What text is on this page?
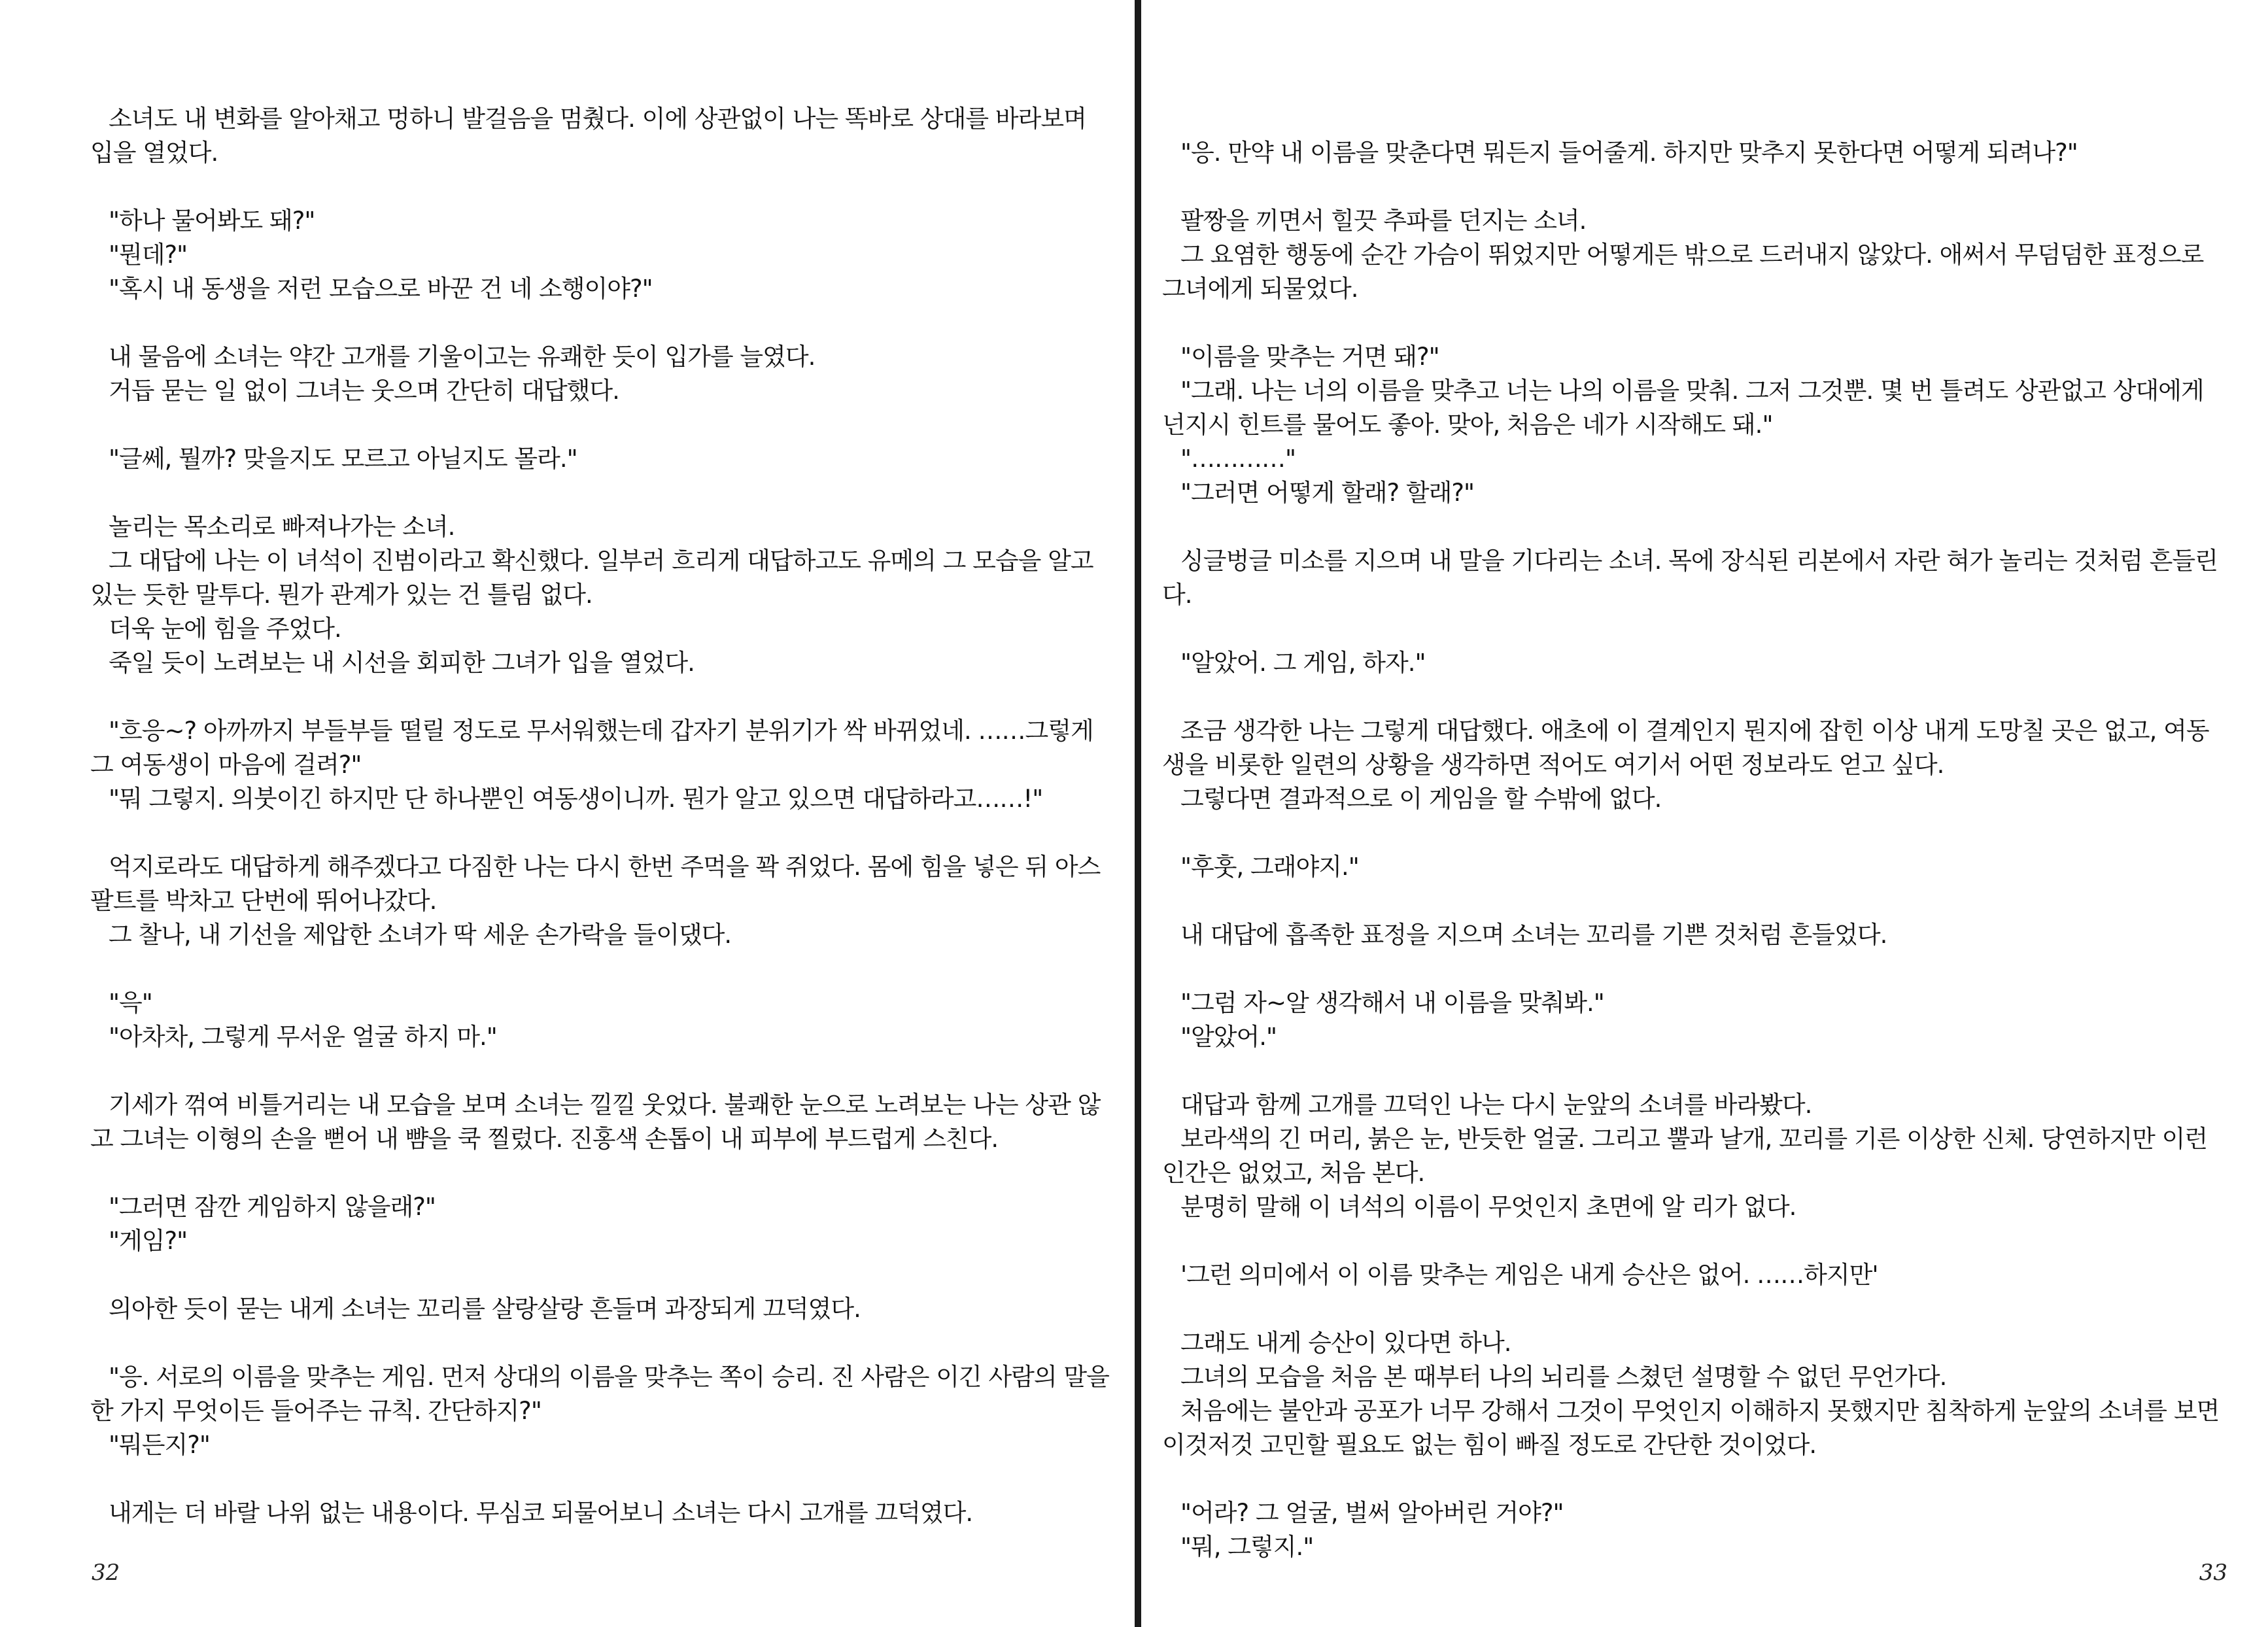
소녀도 내 변화를 알아채고 멍하니 발걸음을 멈췄다. 이에 상관없이 나는 똑바로 상대를 바라보며 입을 열었다.

"하나 물어봐도 돼?"

"뭔데?"

"혹시 내 동생을 저런 모습으로 바꾼 건 네 소행이야?"

내 물음에 소녀는 약간 고개를 기울이고는 유쾌한 듯이 입가를 늘였다.

거듭 묻는 일 없이 그녀는 웃으며 간단히 대답했다.

"글쎄, 뭘까? 맞을지도 모르고 아닐지도 몰라."

놀리는 목소리로 빠져나가는 소녀.

그 대답에 나는 이 녀석이 진범이라고 확신했다. 일부러 흐리게 대답하고도 유메의 그 모습을 알고 있는 듯한 말투다. 뭔가 관계가 있는 건 틀림 없다.

더욱 눈에 힘을 주었다.

죽일 듯이 노려보는 내 시선을 회피한 그녀가 입을 열었다.

"흐응~? 아까까지 부들부들 떨릴 정도로 무서워했는데 갑자기 분위기가 싹 바뀌었네. ……그렇게 그 여동생이 마음에 걸려?"

"뭐 그렇지. 의붓이긴 하지만 단 하나뿐인 여동생이니까. 뭔가 알고 있으면 대답하라고……!"

억지로라도 대답하게 해주겠다고 다짐한 나는 다시 한번 주먹을 꽉 쥐었다. 몸에 힘을 넣은 뒤 아스팔트를 박차고 단번에 뛰어나갔다.

그 찰나, 내 기선을 제압한 소녀가 딱 세운 손가락을 들이댔다.

"윽"

"아차차, 그렇게 무서운 얼굴 하지 마."

기세가 꺾여 비틀거리는 내 모습을 보며 소녀는 낄낄 웃었다. 불쾌한 눈으로 노려보는 나는 상관 않고 그녀는 이형의 손을 뻗어 내 뺨을 쿡 찔렀다. 진홍색 손톱이 내 피부에 부드럽게 스친다.

"그러면 잠깐 게임하지 않을래?"

"게임?"

의아한 듯이 묻는 내게 소녀는 꼬리를 살랑살랑 흔들며 과장되게 끄덕였다.

"응. 서로의 이름을 맞추는 게임. 먼저 상대의 이름을 맞추는 쪽이 승리. 진 사람은 이긴 사람의 말을 한 가지 무엇이든 들어주는 규칙. 간단하지?"

"뭐든지?"

내게는 더 바랄 나위 없는 내용이다. 무심코 되물어보니 소녀는 다시 고개를 끄덕였다.

32

"응. 만약 내 이름을 맞춘다면 뭐든지 들어줄게. 하지만 맞추지 못한다면 어떻게 되려나?"

팔짱을 끼면서 힐끗 추파를 던지는 소녀.

그 요염한 행동에 순간 가슴이 뛰었지만 어떻게든 밖으로 드러내지 않았다. 애써서 무덤덤한 표정으로 그녀에게 되물었다.

"이름을 맞추는 거면 돼?"

"그래. 나는 너의 이름을 맞추고 너는 나의 이름을 맞춰. 그저 그것뿐. 몇 번 틀려도 상관없고 상대에게 넌지시 힌트를 물어도 좋아. 맞아, 처음은 네가 시작해도 돼."

"…………"

"그러면 어떻게 할래? 할래?"

싱글벙글 미소를 지으며 내 말을 기다리는 소녀. 목에 장식된 리본에서 자란 혀가 놀리는 것처럼 흔들린다.

"알았어. 그 게임, 하자."

조금 생각한 나는 그렇게 대답했다. 애초에 이 결계인지 뭔지에 잡힌 이상 내게 도망칠 곳은 없고, 여동생을 비롯한 일련의 상황을 생각하면 적어도 여기서 어떤 정보라도 얻고 싶다.

그렇다면 결과적으로 이 게임을 할 수밖에 없다.

"후훗, 그래야지."

내 대답에 흡족한 표정을 지으며 소녀는 꼬리를 기쁜 것처럼 흔들었다.

"그럼 자~알 생각해서 내 이름을 맞춰봐."

"알았어."

대답과 함께 고개를 끄덕인 나는 다시 눈앞의 소녀를 바라봤다.

보라색의 긴 머리, 붉은 눈, 반듯한 얼굴. 그리고 뿔과 날개, 꼬리를 기른 이상한 신체. 당연하지만 이런 인간은 없었고, 처음 본다.

분명히 말해 이 녀석의 이름이 무엇인지 초면에 알 리가 없다.

'그런 의미에서 이 이름 맞추는 게임은 내게 승산은 없어. ……하지만'

그래도 내게 승산이 있다면 하나.

그녀의 모습을 처음 본 때부터 나의 뇌리를 스쳤던 설명할 수 없던 무언가다.

처음에는 불안과 공포가 너무 강해서 그것이 무엇인지 이해하지 못했지만 침착하게 눈앞의 소녀를 보면 이것저것 고민할 필요도 없는 힘이 빠질 정도로 간단한 것이었다.

"어라? 그 얼굴, 벌써 알아버린 거야?"

"뭐, 그렇지."

33
